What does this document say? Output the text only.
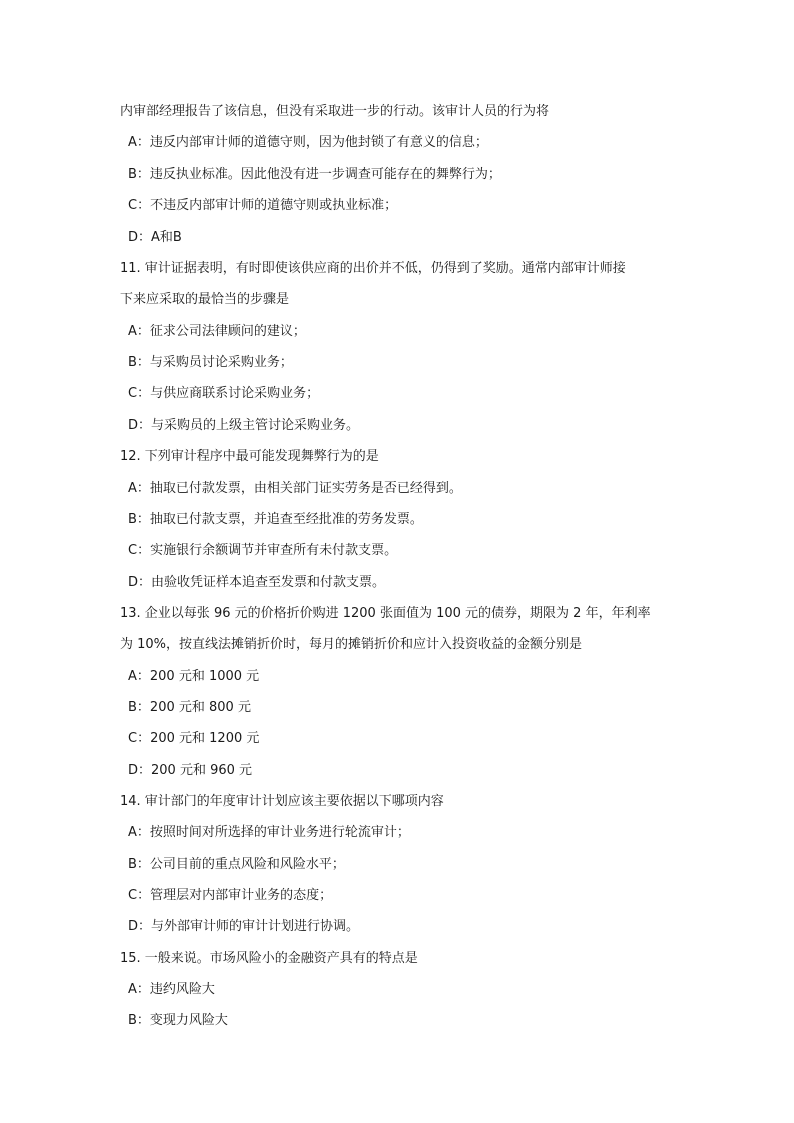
内审部经理报告了该信息，但没有采取进一步的行动。该审计人员的行为将
A：违反内部审计师的道德守则，因为他封锁了有意义的信息；
B：违反执业标准。因此他没有进一步调查可能存在的舞弊行为；
C：不违反内部审计师的道德守则或执业标准；
D：A和B
11. 审计证据表明，有时即使该供应商的出价并不低，仍得到了奖励。通常内部审计师接
下来应采取的最恰当的步骤是
A：征求公司法律顾问的建议；
B：与采购员讨论采购业务；
C：与供应商联系讨论采购业务；
D：与采购员的上级主管讨论采购业务。
12. 下列审计程序中最可能发现舞弊行为的是
A：抽取已付款发票，由相关部门证实劳务是否已经得到。
B：抽取已付款支票，并追查至经批准的劳务发票。
C：实施银行余额调节并审查所有未付款支票。
D：由验收凭证样本追查至发票和付款支票。
13. 企业以每张 96 元的价格折价购进 1200 张面值为 100 元的债券，期限为 2 年，年利率
为 10%，按直线法摊销折价时，每月的摊销折价和应计入投资收益的金额分别是
A：200 元和 1000 元
B：200 元和 800 元
C：200 元和 1200 元
D：200 元和 960 元
14. 审计部门的年度审计计划应该主要依据以下哪项内容
A：按照时间对所选择的审计业务进行轮流审计；
B：公司目前的重点风险和风险水平；
C：管理层对内部审计业务的态度；
D：与外部审计师的审计计划进行协调。
15. 一般来说。市场风险小的金融资产具有的特点是
A：违约风险大
B：变现力风险大
